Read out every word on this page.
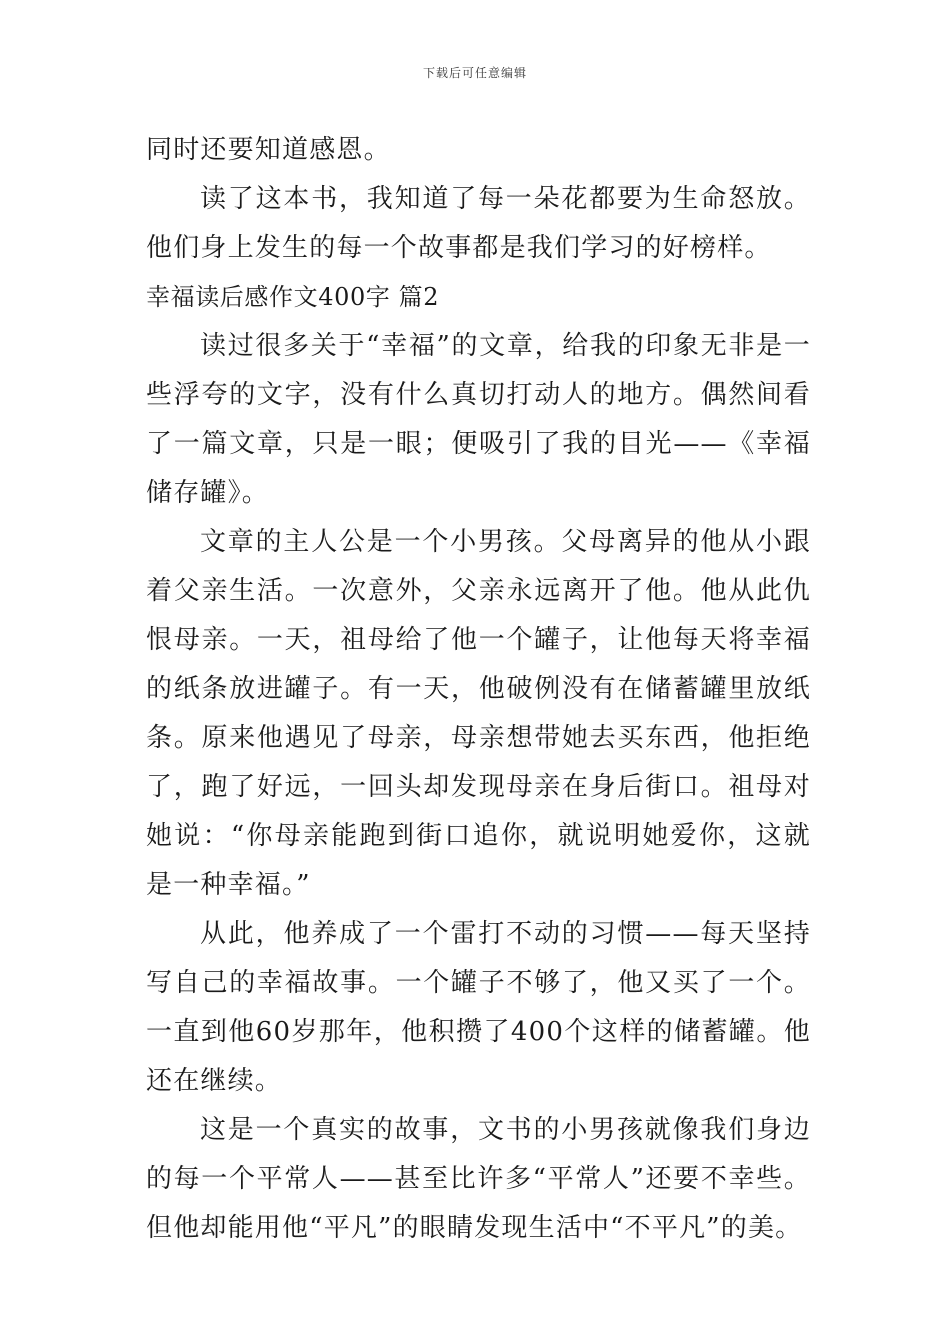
下载后可任意编辑

同时还要知道感恩。

读了这本书，我知道了每一朵花都要为生命怒放。他们身上发生的每一个故事都是我们学习的好榜样。

幸福读后感作文400字 篇2

读过很多关于“幸福”的文章，给我的印象无非是一些浮夸的文字，没有什么真切打动人的地方。偶然间看了一篇文章，只是一眼；便吸引了我的目光——《幸福储存罐》。

文章的主人公是一个小男孩。父母离异的他从小跟着父亲生活。一次意外，父亲永远离开了他。他从此仇恨母亲。一天，祖母给了他一个罐子，让他每天将幸福的纸条放进罐子。有一天，他破例没有在储蓄罐里放纸条。原来他遇见了母亲，母亲想带她去买东西，他拒绝了，跑了好远，一回头却发现母亲在身后街口。祖母对她说：“你母亲能跑到街口追你，就说明她爱你，这就是一种幸福。”

从此，他养成了一个雷打不动的习惯——每天坚持写自己的幸福故事。一个罐子不够了，他又买了一个。一直到他60岁那年，他积攒了400个这样的储蓄罐。他还在继续。

这是一个真实的故事，文书的小男孩就像我们身边的每一个平常人——甚至比许多“平常人”还要不幸些。但他却能用他“平凡”的眼睛发现生活中“不平凡”的美。
